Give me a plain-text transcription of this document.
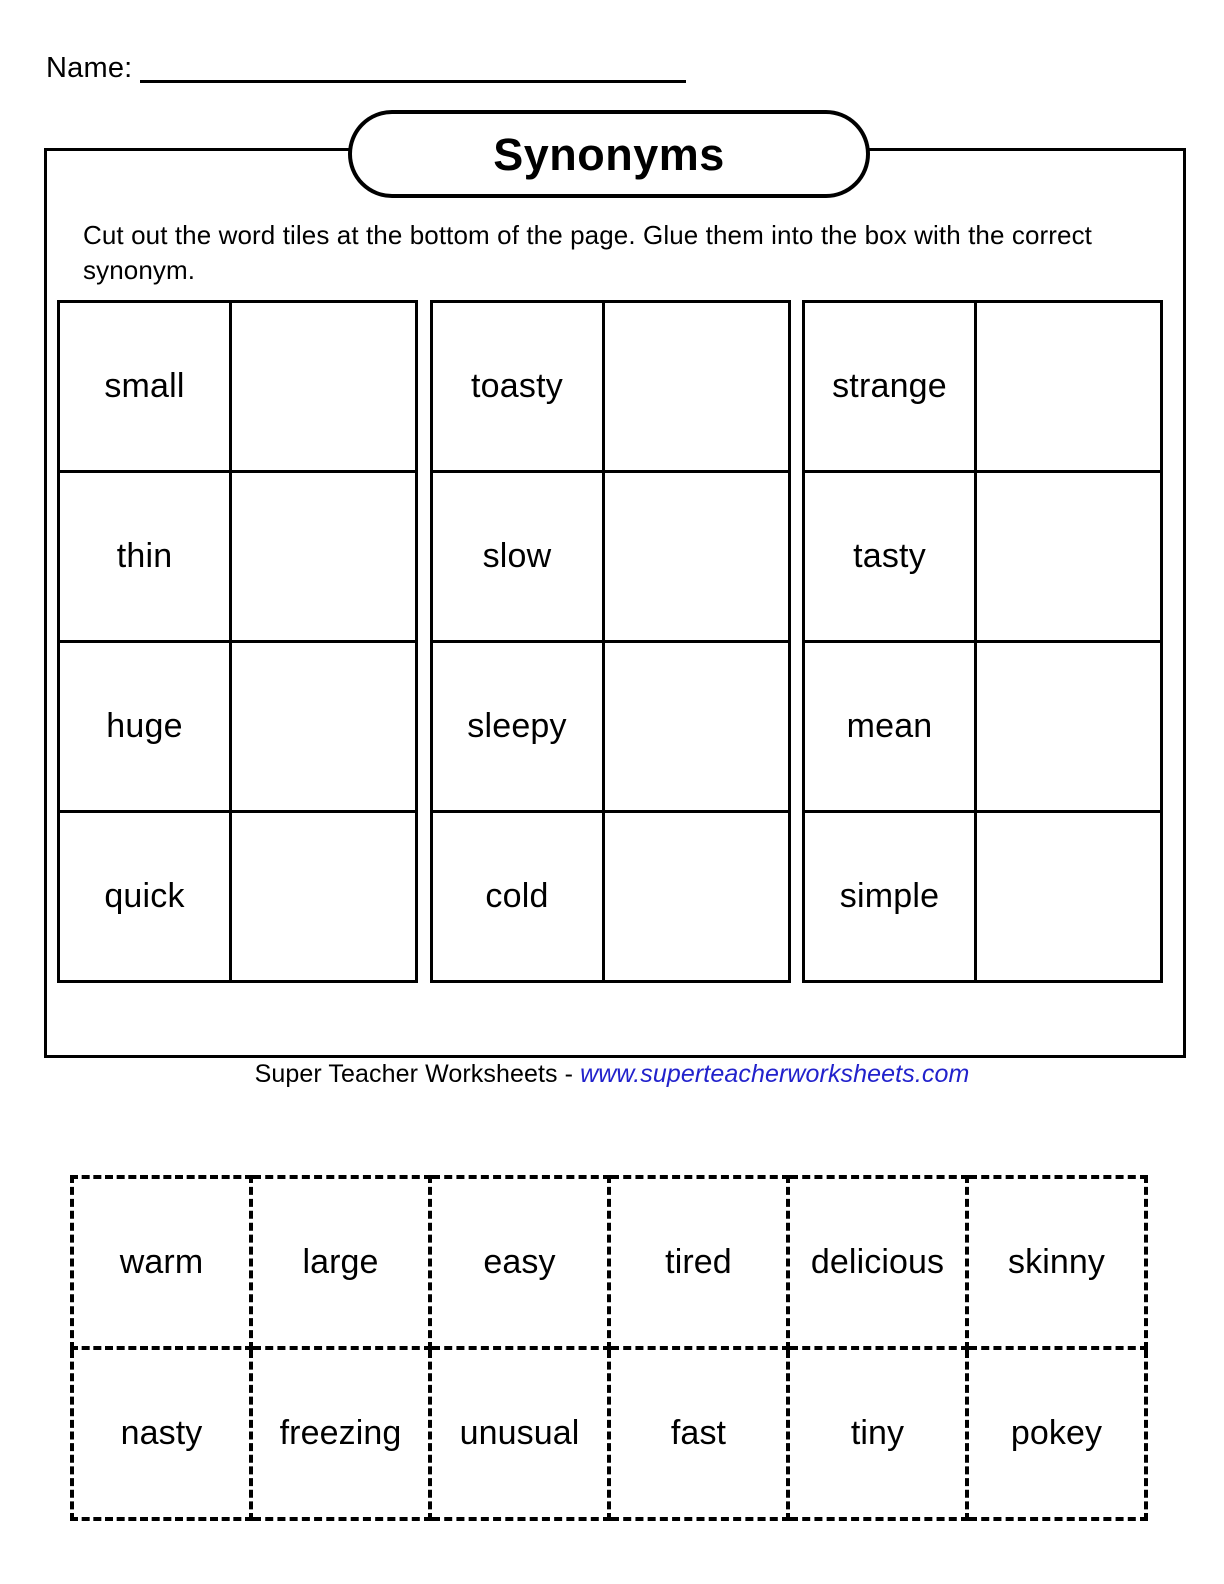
Name:
Synonyms
Cut out the word tiles at the bottom of the page. Glue them into the box with the correct synonym.
small	
thin	
huge	
quick	
toasty	
slow	
sleepy	
cold	
strange	
tasty	
mean	
simple	
Super Teacher Worksheets - www.superteacherworksheets.com
warm	large	easy	tired	delicious	skinny
nasty	freezing	unusual	fast	tiny	pokey
